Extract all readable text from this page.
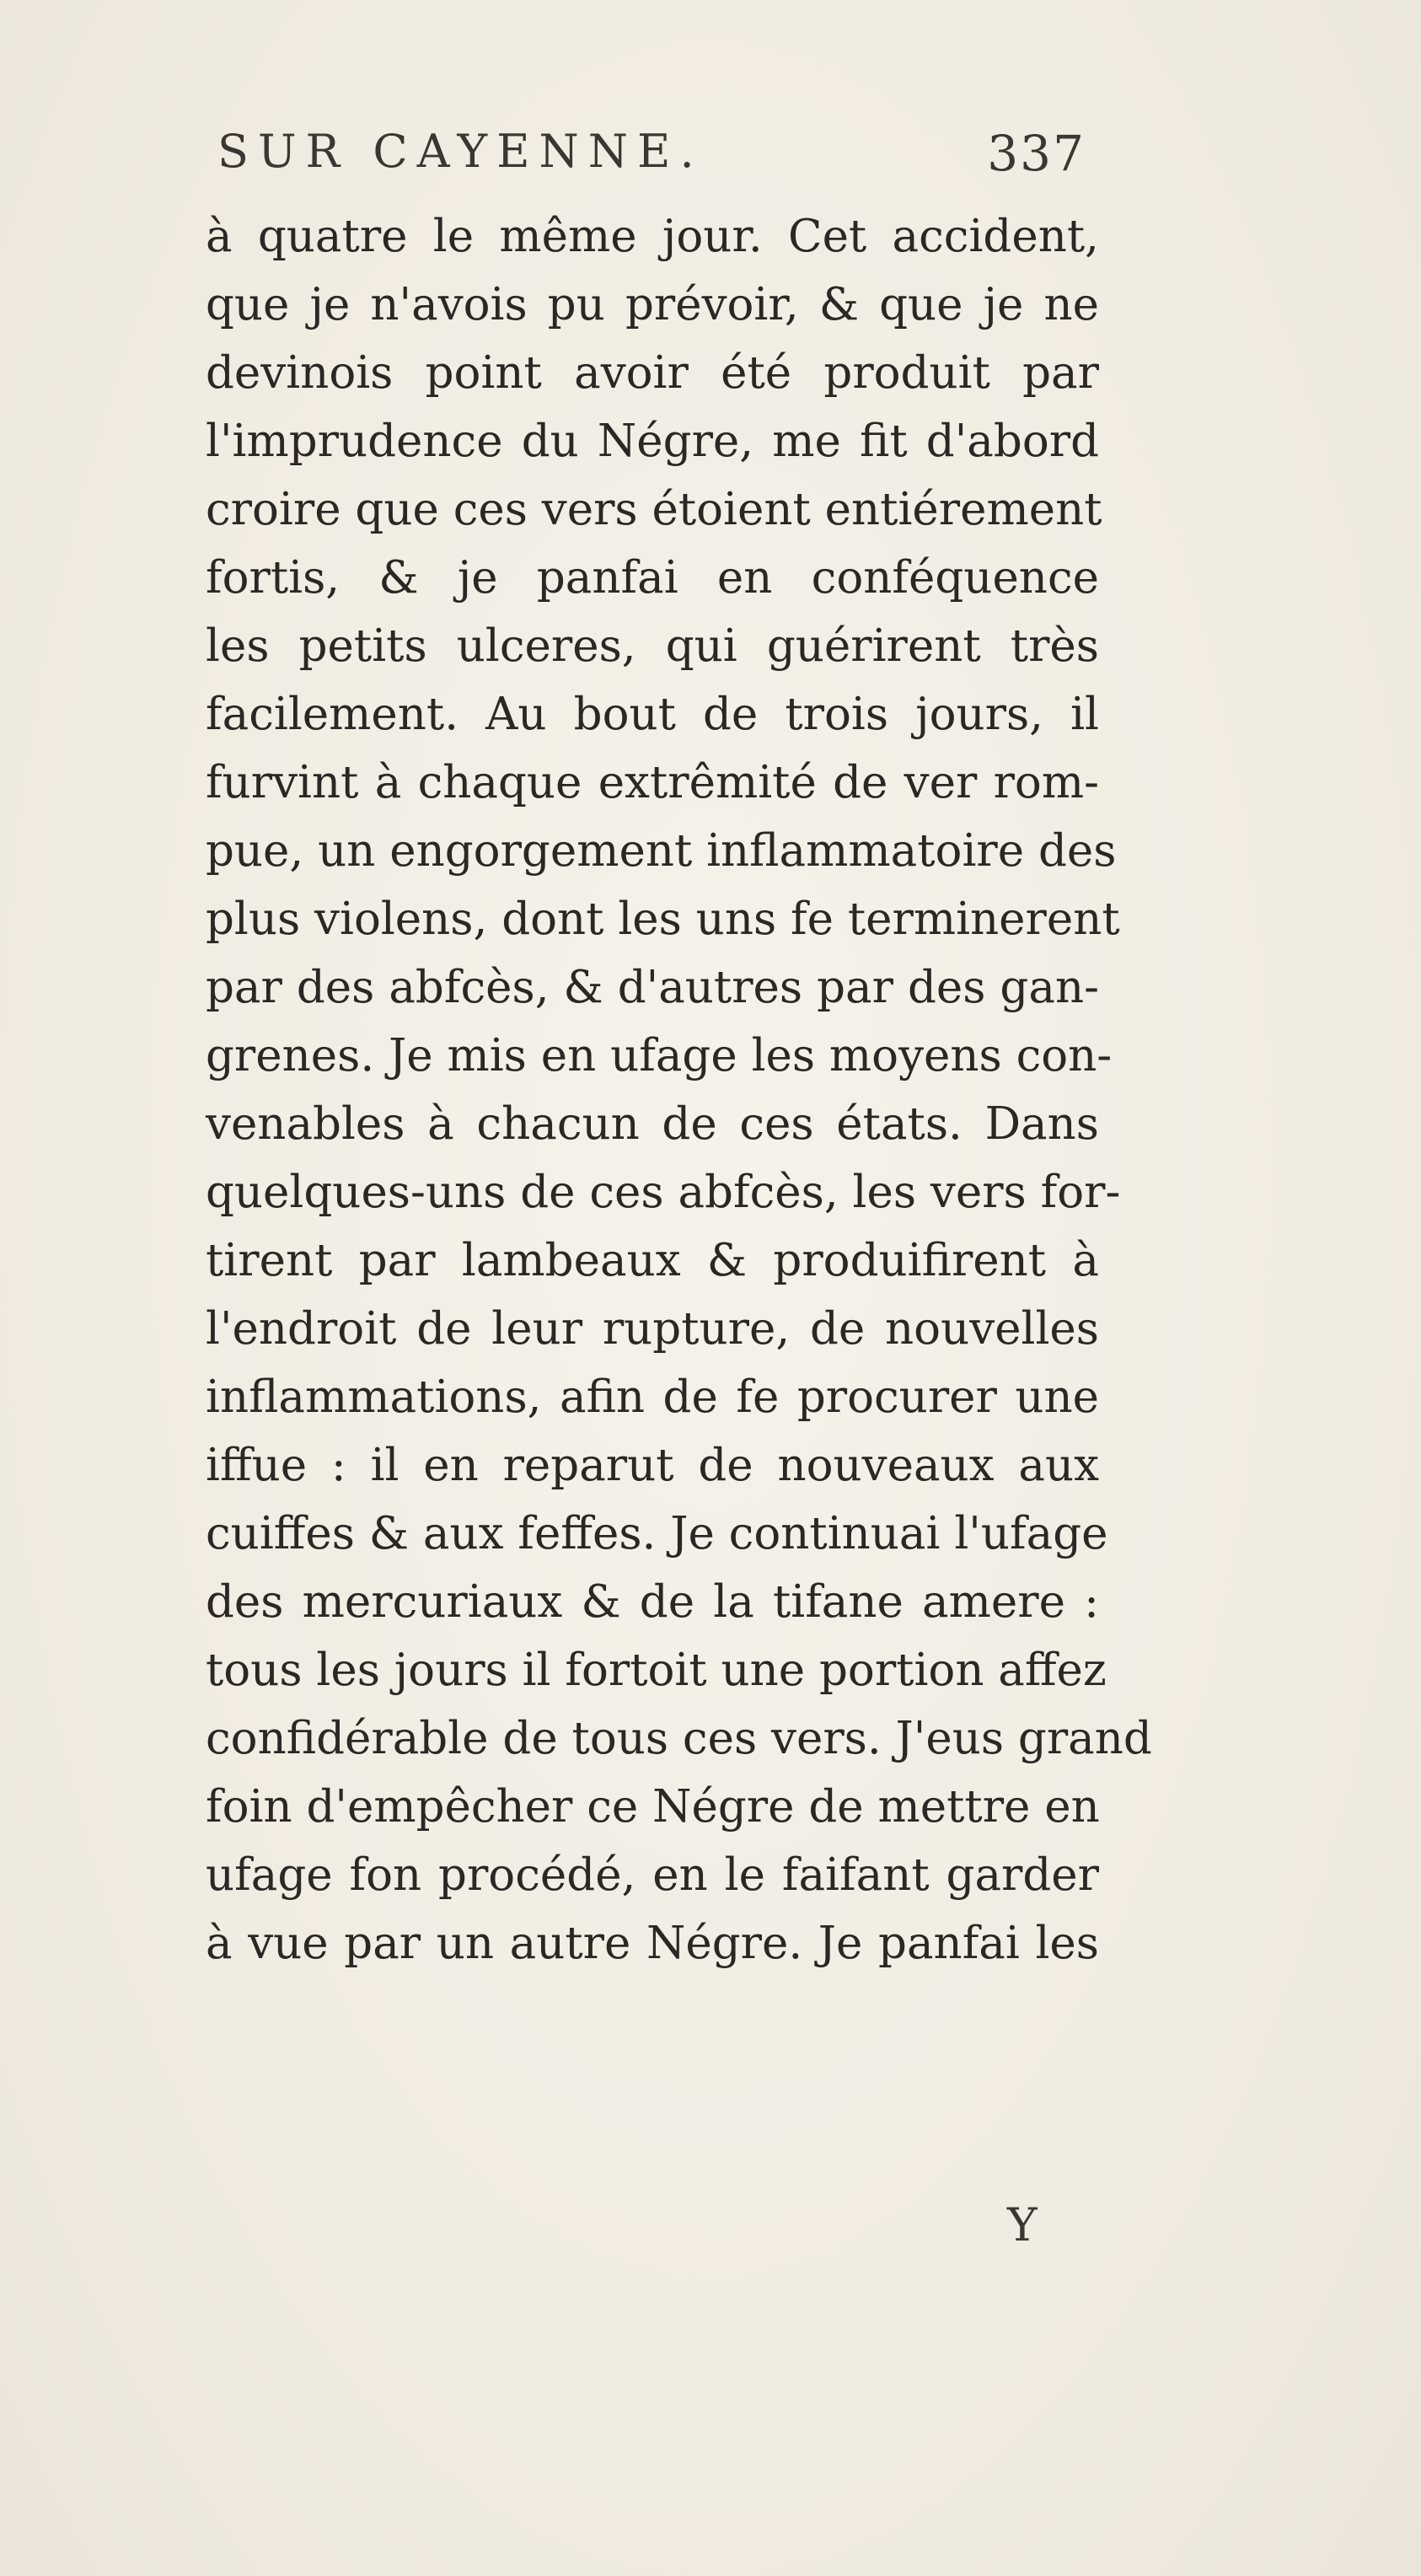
SUR CAYENNE.	337
à quatre le même jour. Cet accident,
que je n'avois pu prévoir, & que je ne
devinois point avoir été produit par
l'imprudence du Négre, me fit d'abord
croire que ces vers étoient entiérement
fortis, & je panfai en conféquence
les petits ulceres, qui guérirent très
facilement. Au bout de trois jours, il
furvint à chaque extrêmité de ver rom-
pue, un engorgement inflammatoire des
plus violens, dont les uns fe terminerent
par des abfcès, & d'autres par des gan-
grenes. Je mis en ufage les moyens con-
venables à chacun de ces états. Dans
quelques-uns de ces abfcès, les vers for-
tirent par lambeaux & produifirent à
l'endroit de leur rupture, de nouvelles
inflammations, afin de fe procurer une
iffue : il en reparut de nouveaux aux
cuiffes & aux feffes. Je continuai l'ufage
des mercuriaux & de la tifane amere :
tous les jours il fortoit une portion affez
confidérable de tous ces vers. J'eus grand
foin d'empêcher ce Négre de mettre en
ufage fon procédé, en le faifant garder
à vue par un autre Négre. Je panfai les
Y
